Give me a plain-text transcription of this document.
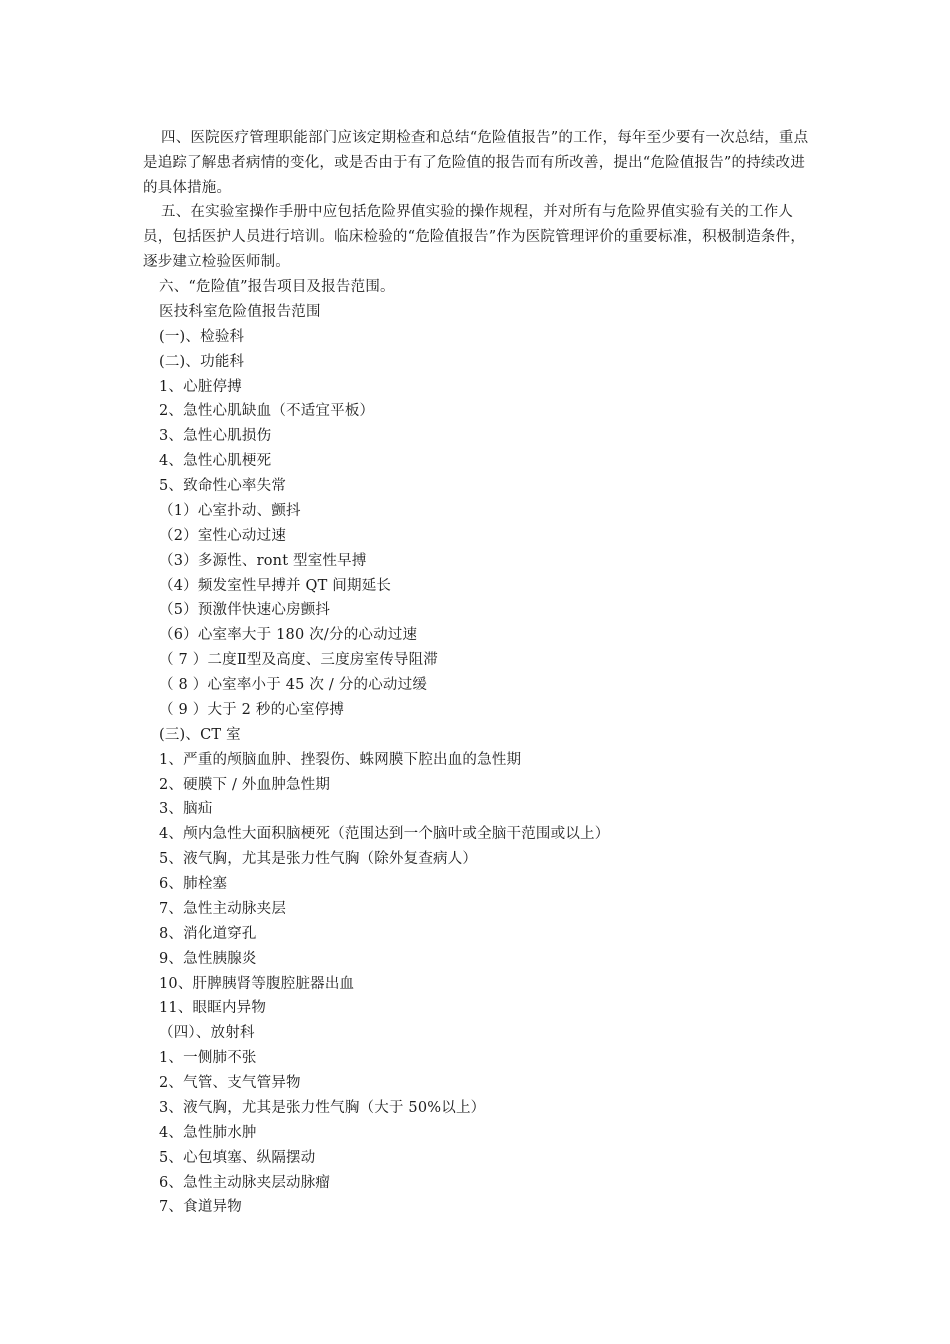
四、医院医疗管理职能部门应该定期检查和总结“危险值报告”的工作，每年至少要有一次总结，重点是追踪了解患者病情的变化，或是否由于有了危险值的报告而有所改善，提出“危险值报告”的持续改进的具体措施。

五、在实验室操作手册中应包括危险界值实验的操作规程，并对所有与危险界值实验有关的工作人员，包括医护人员进行培训。临床检验的“危险值报告”作为医院管理评价的重要标准，积极制造条件，逐步建立检验医师制。

六、“危险值”报告项目及报告范围。
医技科室危险值报告范围
(一)、检验科
(二)、功能科
1、心脏停搏
2、急性心肌缺血（不适宜平板）
3、急性心肌损伤
4、急性心肌梗死
5、致命性心率失常
（1）心室扑动、颤抖
（2）室性心动过速
（3）多源性、ront 型室性早搏
（4）频发室性早搏并 QT 间期延长
（5）预激伴快速心房颤抖
（6）心室率大于 180 次/分的心动过速
（ 7 ）二度Ⅱ型及高度、三度房室传导阻滞
（ 8 ）心室率小于 45 次 / 分的心动过缓
（ 9 ）大于 2 秒的心室停搏
(三)、CT 室
1、严重的颅脑血肿、挫裂伤、蛛网膜下腔出血的急性期
2、硬膜下 / 外血肿急性期
3、脑疝
4、颅内急性大面积脑梗死（范围达到一个脑叶或全脑干范围或以上）
5、液气胸，尤其是张力性气胸（除外复查病人）
6、肺栓塞
7、急性主动脉夹层
8、消化道穿孔
9、急性胰腺炎
10、肝脾胰肾等腹腔脏器出血
11、眼眶内异物
（四）、放射科
1、一侧肺不张
2、气管、支气管异物
3、液气胸，尤其是张力性气胸（大于 50%以上）
4、急性肺水肿
5、心包填塞、纵隔摆动
6、急性主动脉夹层动脉瘤
7、食道异物
